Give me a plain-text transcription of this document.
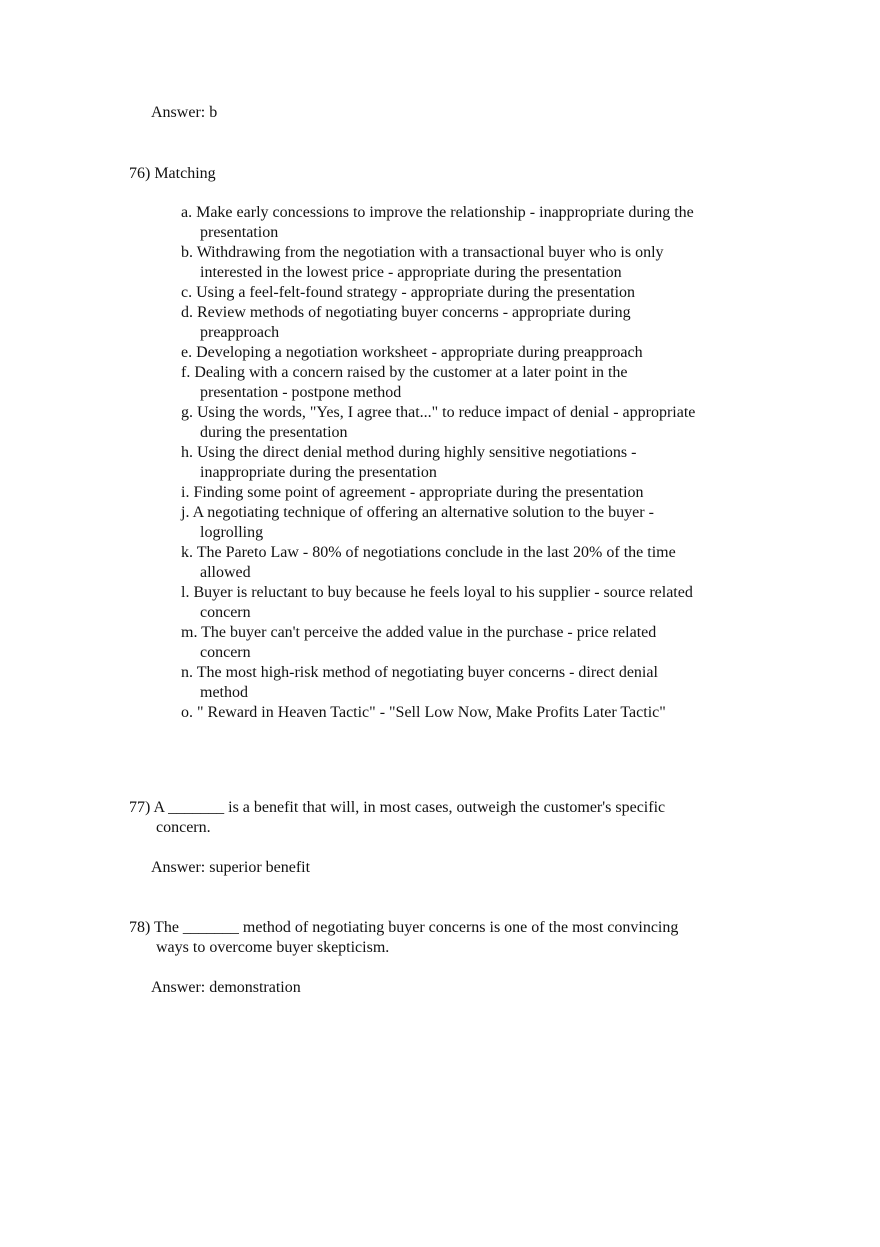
Answer: b
76) Matching
a. Make early concessions to improve the relationship - inappropriate during the
presentation
b. Withdrawing from the negotiation with a transactional buyer who is only
interested in the lowest price - appropriate during the presentation
c. Using a feel-felt-found strategy - appropriate during the presentation
d. Review methods of negotiating buyer concerns - appropriate during
preapproach
e. Developing a negotiation worksheet - appropriate during preapproach
f. Dealing with a concern raised by the customer at a later point in the
presentation - postpone method
g. Using the words, "Yes, I agree that..." to reduce impact of denial - appropriate
during the presentation
h. Using the direct denial method during highly sensitive negotiations -
inappropriate during the presentation
i. Finding some point of agreement - appropriate during the presentation
j. A negotiating technique of offering an alternative solution to the buyer -
logrolling
k. The Pareto Law - 80% of negotiations conclude in the last 20% of the time
allowed
l. Buyer is reluctant to buy because he feels loyal to his supplier - source related
concern
m. The buyer can't perceive the added value in the purchase - price related
concern
n. The most high-risk method of negotiating buyer concerns - direct denial
method
o. " Reward in Heaven Tactic" - "Sell Low Now, Make Profits Later Tactic"
77) A _______ is a benefit that will, in most cases, outweigh the customer's specific
concern.
Answer: superior benefit
78) The _______ method of negotiating buyer concerns is one of the most convincing
ways to overcome buyer skepticism.
Answer: demonstration
